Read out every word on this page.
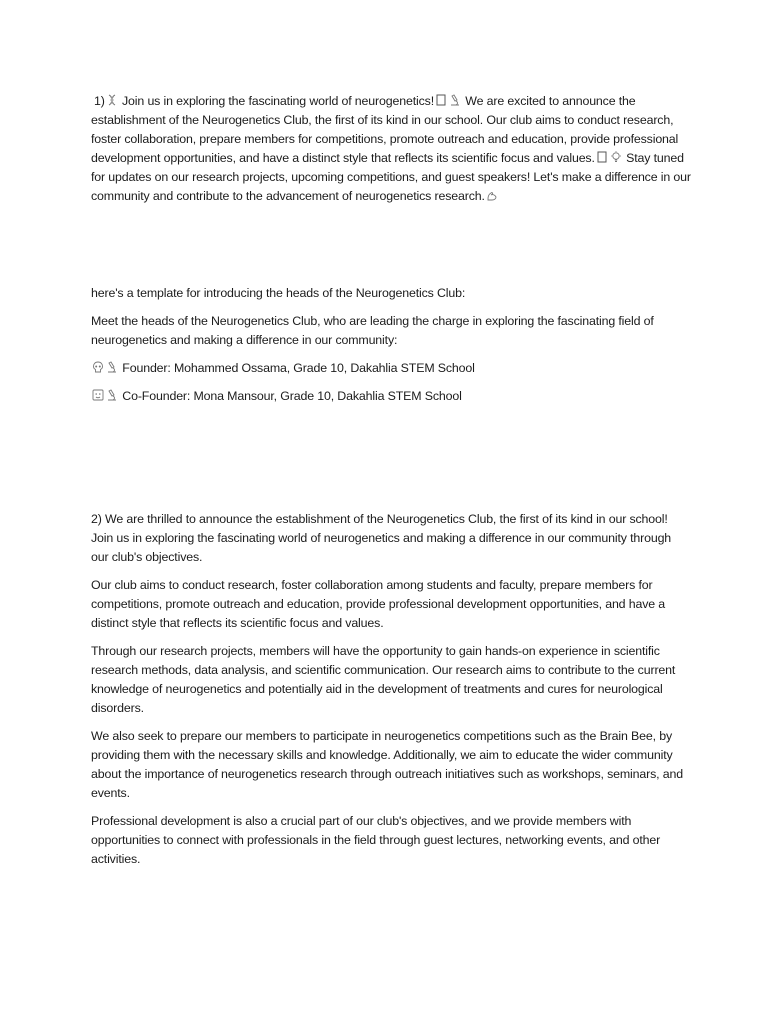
1) Join us in exploring the fascinating world of neurogenetics!	We are excited to announce the establishment of the Neurogenetics Club, the first of its kind in our school. Our club aims to conduct research, foster collaboration, prepare members for competitions, promote outreach and education, provide professional development opportunities, and have a distinct style that reflects its scientific focus and values.	Stay tuned for updates on our research projects, upcoming competitions, and guest speakers! Let's make a difference in our community and contribute to the advancement of neurogenetics research.

here's a template for introducing the heads of the Neurogenetics Club:

Meet the heads of the Neurogenetics Club, who are leading the charge in exploring the fascinating field of neurogenetics and making a difference in our community:

Founder: Mohammed Ossama, Grade 10, Dakahlia STEM School

Co-Founder: Mona Mansour, Grade 10, Dakahlia STEM School

2) We are thrilled to announce the establishment of the Neurogenetics Club, the first of its kind in our school! Join us in exploring the fascinating world of neurogenetics and making a difference in our community through our club's objectives.

Our club aims to conduct research, foster collaboration among students and faculty, prepare members for competitions, promote outreach and education, provide professional development opportunities, and have a distinct style that reflects its scientific focus and values.

Through our research projects, members will have the opportunity to gain hands-on experience in scientific research methods, data analysis, and scientific communication. Our research aims to contribute to the current knowledge of neurogenetics and potentially aid in the development of treatments and cures for neurological disorders.

We also seek to prepare our members to participate in neurogenetics competitions such as the Brain Bee, by providing them with the necessary skills and knowledge. Additionally, we aim to educate the wider community about the importance of neurogenetics research through outreach initiatives such as workshops, seminars, and events.

Professional development is also a crucial part of our club's objectives, and we provide members with opportunities to connect with professionals in the field through guest lectures, networking events, and other activities.
